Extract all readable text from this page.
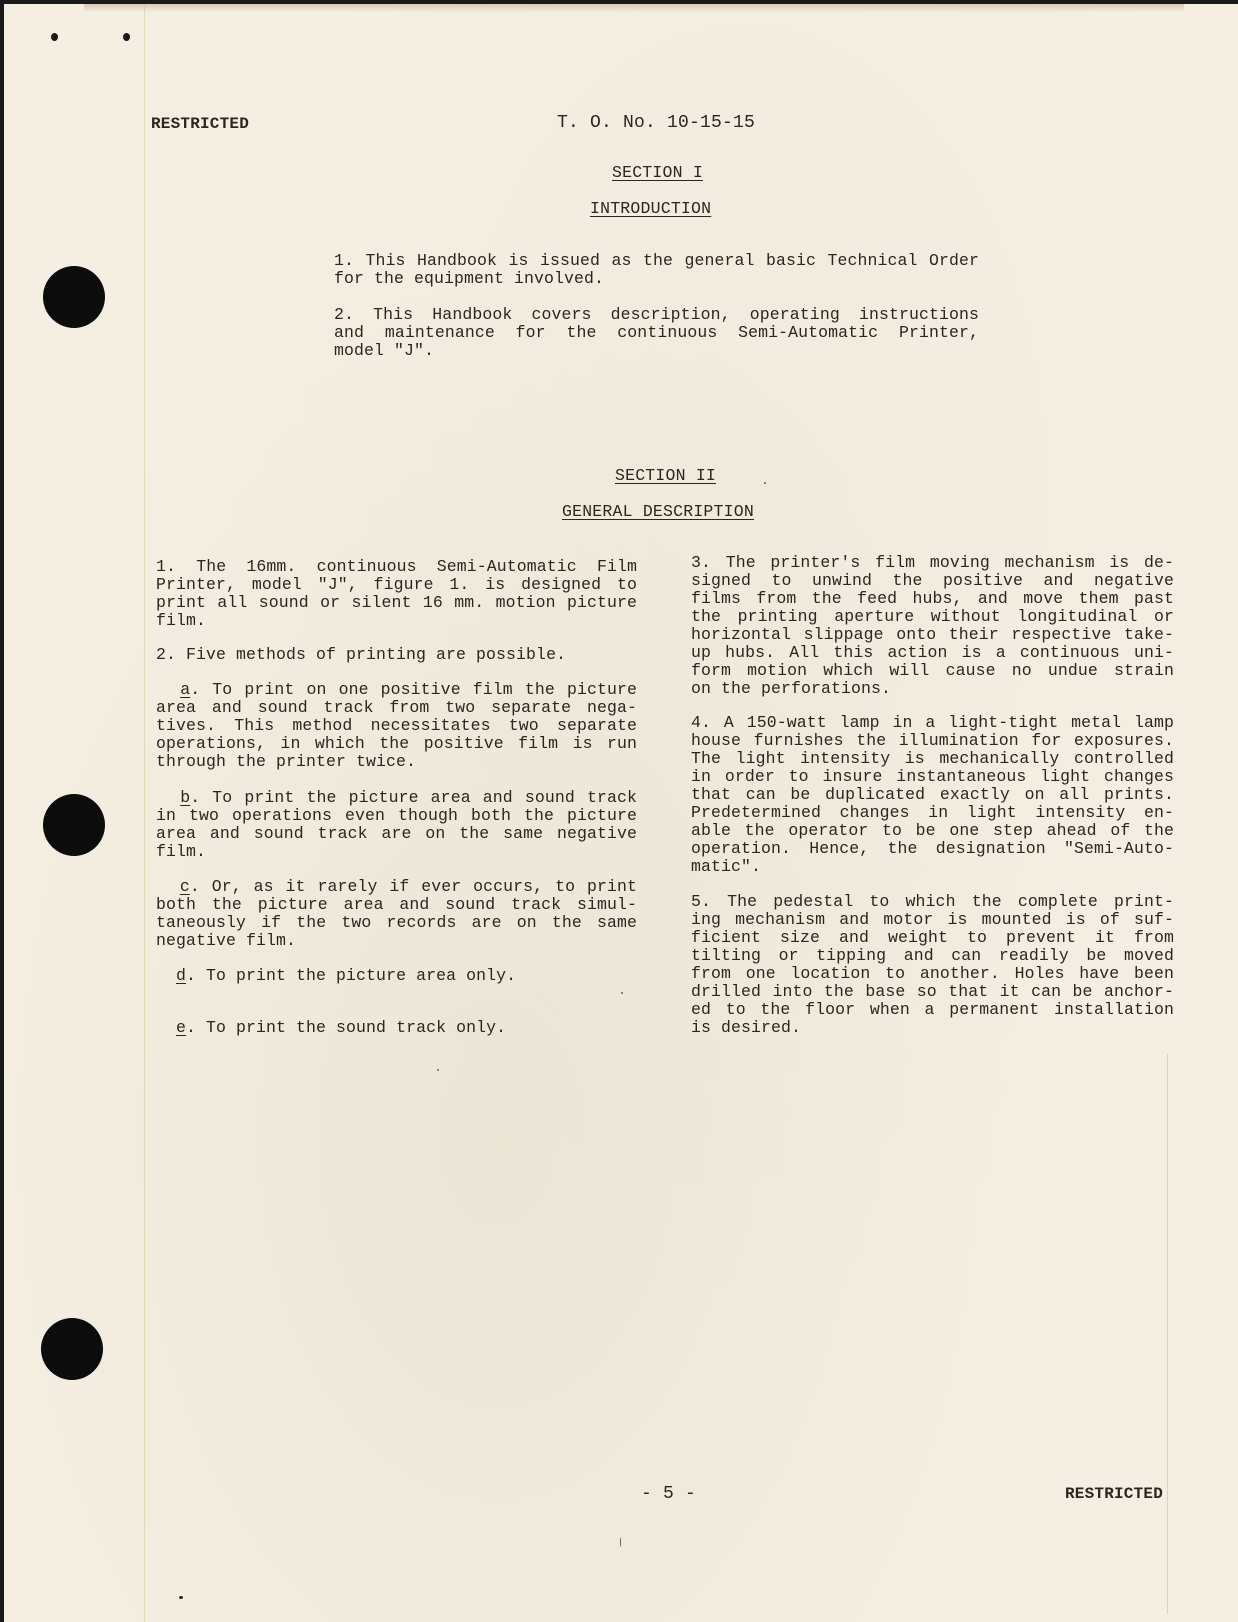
RESTRICTED	T. O. No. 10-15-15
SECTION I
INTRODUCTION
1. This Handbook is issued as the general basic Technical Order
for the equipment involved.
2. This Handbook covers description, operating instructions
and maintenance for the continuous Semi-Automatic Printer,
model "J".
SECTION II
GENERAL DESCRIPTION
1. The 16mm. continuous Semi-Automatic Film
Printer, model "J", figure 1. is designed to
print all sound or silent 16 mm. motion picture
film.
2. Five methods of printing are possible.
a. To print on one positive film the picture
area and sound track from two separate nega-
tives. This method necessitates two separate
operations, in which the positive film is run
through the printer twice.
b. To print the picture area and sound track
in two operations even though both the picture
area and sound track are on the same negative
film.
c. Or, as it rarely if ever occurs, to print
both the picture area and sound track simul-
taneously if the two records are on the same
negative film.
d. To print the picture area only.
e. To print the sound track only.
3. The printer's film moving mechanism is de-
signed to unwind the positive and negative
films from the feed hubs, and move them past
the printing aperture without longitudinal or
horizontal slippage onto their respective take-
up hubs. All this action is a continuous uni-
form motion which will cause no undue strain
on the perforations.
4. A 150-watt lamp in a light-tight metal lamp
house furnishes the illumination for exposures.
The light intensity is mechanically controlled
in order to insure instantaneous light changes
that can be duplicated exactly on all prints.
Predetermined changes in light intensity en-
able the operator to be one step ahead of the
operation. Hence, the designation "Semi-Auto-
matic".
5. The pedestal to which the complete print-
ing mechanism and motor is mounted is of suf-
ficient size and weight to prevent it from
tilting or tipping and can readily be moved
from one location to another. Holes have been
drilled into the base so that it can be anchor-
ed to the floor when a permanent installation
is desired.
- 5 -	RESTRICTED
